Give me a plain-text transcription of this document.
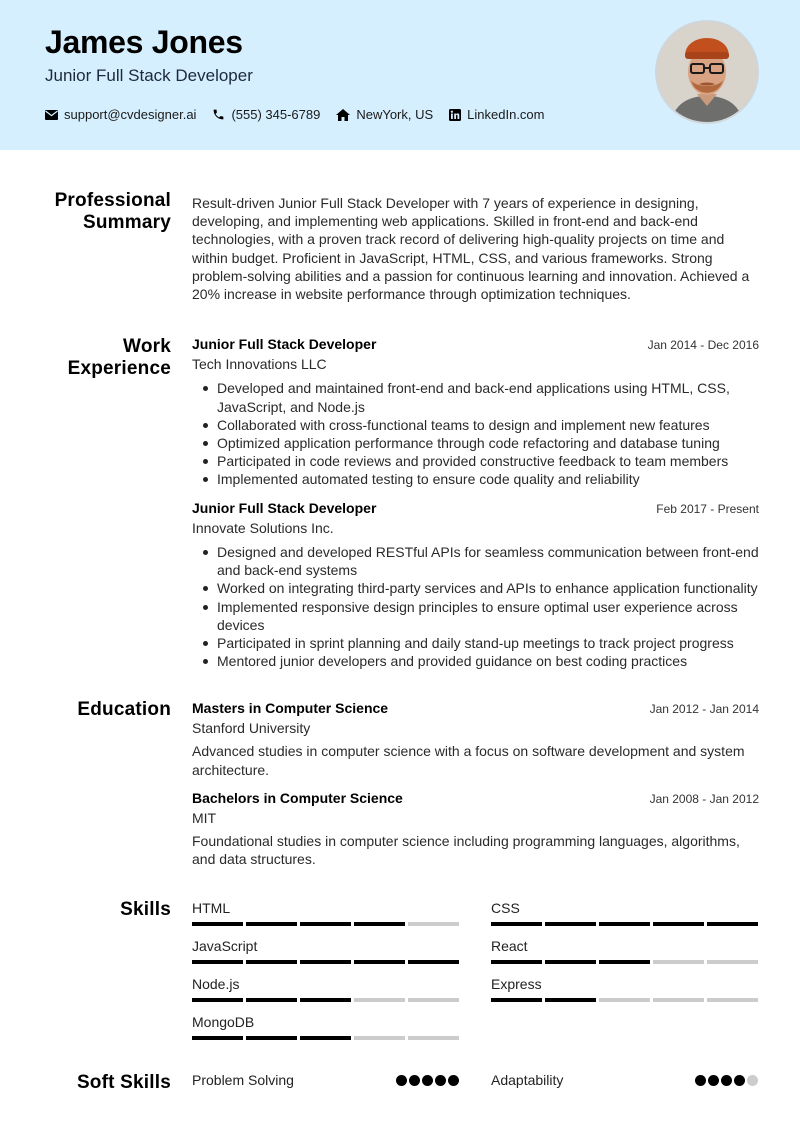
James Jones
Junior Full Stack Developer
support@cvdesigner.ai	(555) 345-6789	NewYork, US	LinkedIn.com
Professional Summary
Result-driven Junior Full Stack Developer with 7 years of experience in designing, developing, and implementing web applications. Skilled in front-end and back-end technologies, with a proven track record of delivering high-quality projects on time and within budget. Proficient in JavaScript, HTML, CSS, and various frameworks. Strong problem-solving abilities and a passion for continuous learning and innovation. Achieved a 20% increase in website performance through optimization techniques.
Work Experience
Junior Full Stack Developer	Jan 2014 - Dec 2016
Tech Innovations LLC
Developed and maintained front-end and back-end applications using HTML, CSS, JavaScript, and Node.js
Collaborated with cross-functional teams to design and implement new features
Optimized application performance through code refactoring and database tuning
Participated in code reviews and provided constructive feedback to team members
Implemented automated testing to ensure code quality and reliability
Junior Full Stack Developer	Feb 2017 - Present
Innovate Solutions Inc.
Designed and developed RESTful APIs for seamless communication between front-end and back-end systems
Worked on integrating third-party services and APIs to enhance application functionality
Implemented responsive design principles to ensure optimal user experience across devices
Participated in sprint planning and daily stand-up meetings to track project progress
Mentored junior developers and provided guidance on best coding practices
Education Masters in Computer Science	Jan 2012 - Jan 2014
Stanford University
Advanced studies in computer science with a focus on software development and system architecture.
Bachelors in Computer Science	Jan 2008 - Jan 2012
MIT
Foundational studies in computer science including programming languages, algorithms, and data structures.
Skills HTML	CSS
JavaScript	React
Node.js	Express
MongoDB
Soft Skills Problem Solving	Adaptability
